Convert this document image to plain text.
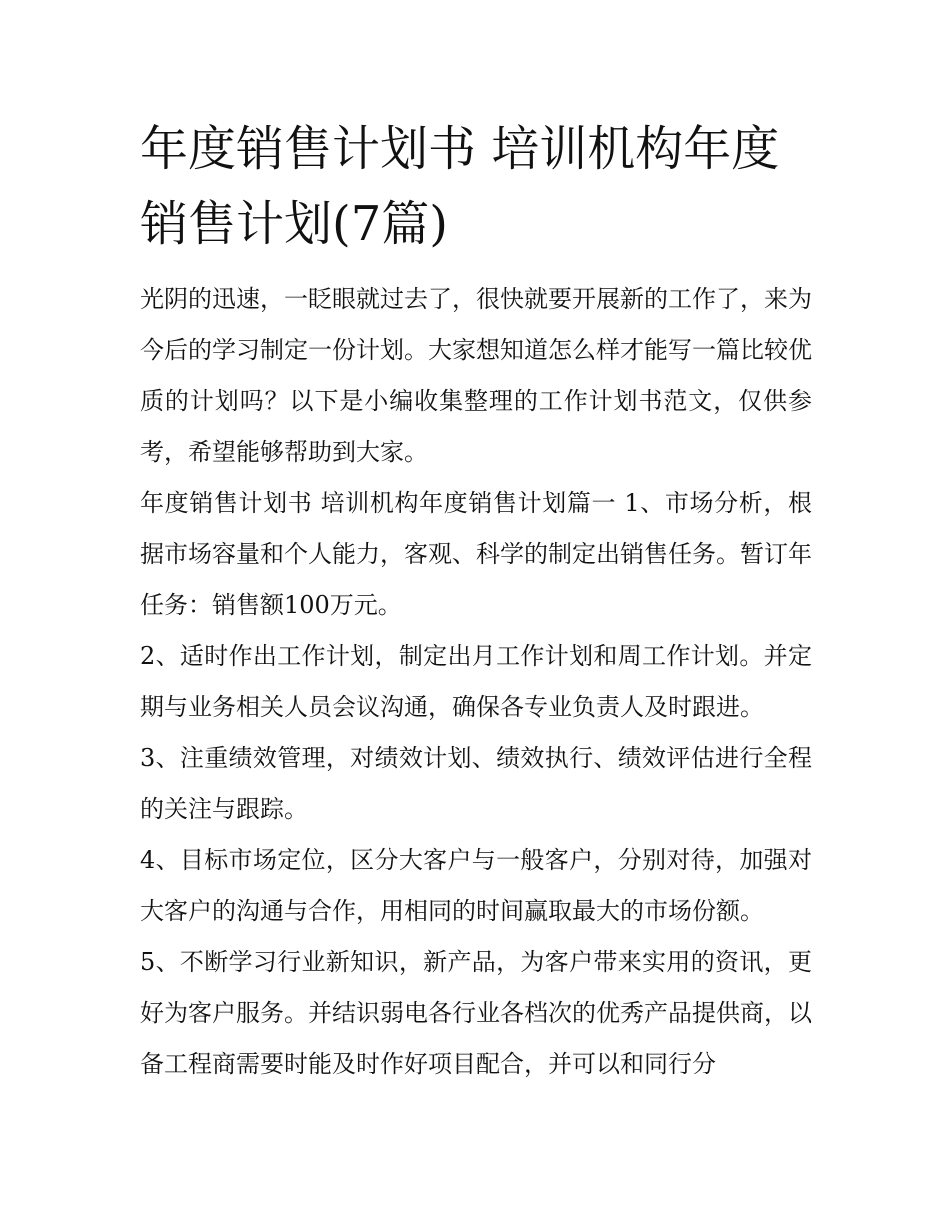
年度销售计划书 培训机构年度销售计划(7篇)

光阴的迅速，一眨眼就过去了，很快就要开展新的工作了，来为今后的学习制定一份计划。大家想知道怎么样才能写一篇比较优质的计划吗？以下是小编收集整理的工作计划书范文，仅供参考，希望能够帮助到大家。

年度销售计划书 培训机构年度销售计划篇一 1、市场分析，根据市场容量和个人能力，客观、科学的制定出销售任务。暂订年任务：销售额100万元。

2、适时作出工作计划，制定出月工作计划和周工作计划。并定期与业务相关人员会议沟通，确保各专业负责人及时跟进。

3、注重绩效管理，对绩效计划、绩效执行、绩效评估进行全程的关注与跟踪。

4、目标市场定位，区分大客户与一般客户，分别对待，加强对大客户的沟通与合作，用相同的时间赢取最大的市场份额。

5、不断学习行业新知识，新产品，为客户带来实用的资讯，更好为客户服务。并结识弱电各行业各档次的优秀产品提供商，以备工程商需要时能及时作好项目配合，并可以和同行分
